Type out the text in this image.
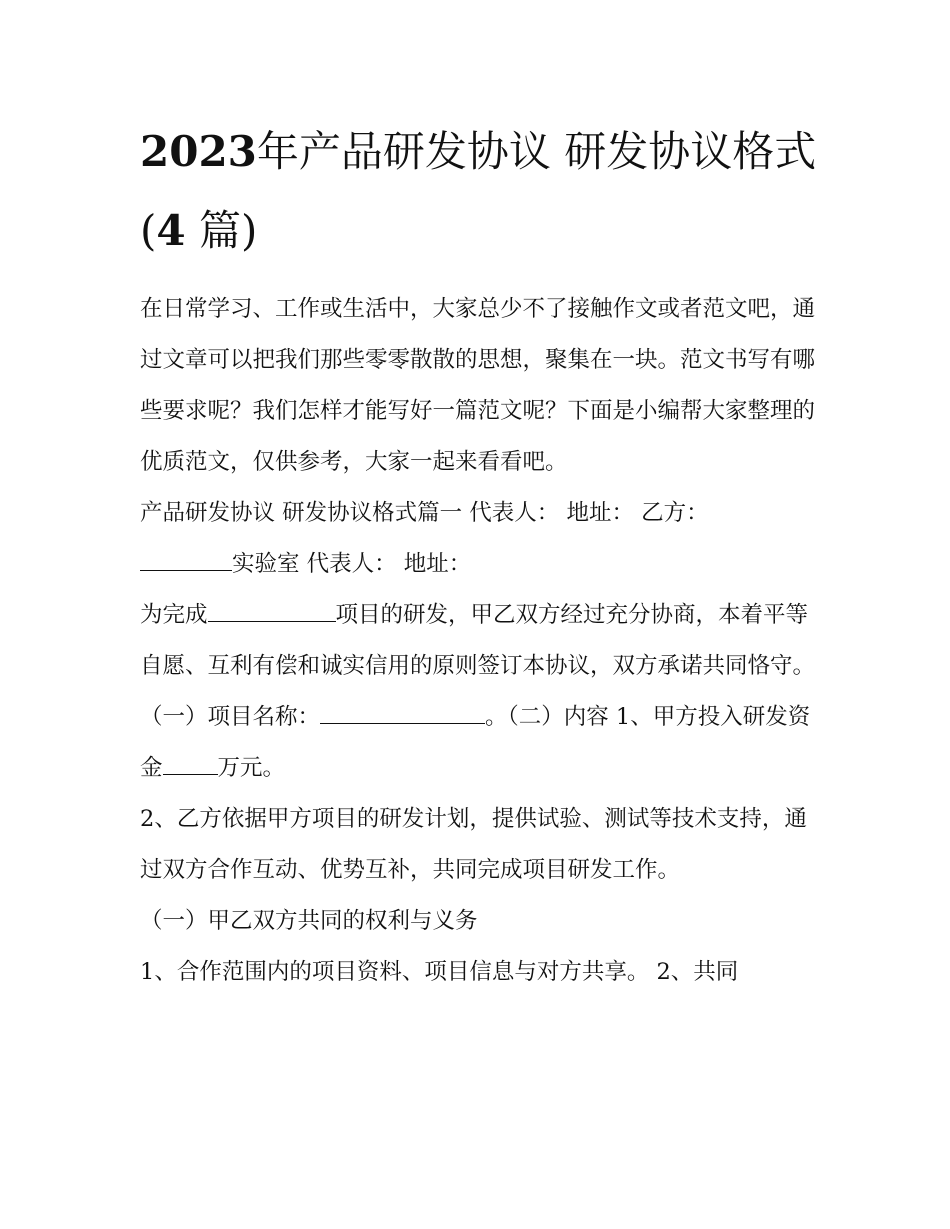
2023年产品研发协议 研发协议格式(4 篇)

在日常学习、工作或生活中，大家总少不了接触作文或者范文吧，通过文章可以把我们那些零零散散的思想，聚集在一块。范文书写有哪些要求呢？我们怎样才能写好一篇范文呢？下面是小编帮大家整理的优质范文，仅供参考，大家一起来看看吧。

产品研发协议 研发协议格式篇一 代表人： 地址： 乙方：

实验室 代表人： 地址：

为完成	项目的研发，甲乙双方经过充分协商，本着平等自愿、互利有偿和诚实信用的原则签订本协议，双方承诺共同恪守。

（一）项目名称：	。（二）内容 1、甲方投入研发资金 万元。

2、乙方依据甲方项目的研发计划，提供试验、测试等技术支持，通过双方合作互动、优势互补，共同完成项目研发工作。

（一）甲乙双方共同的权利与义务

1、合作范围内的项目资料、项目信息与对方共享。 2、共同
